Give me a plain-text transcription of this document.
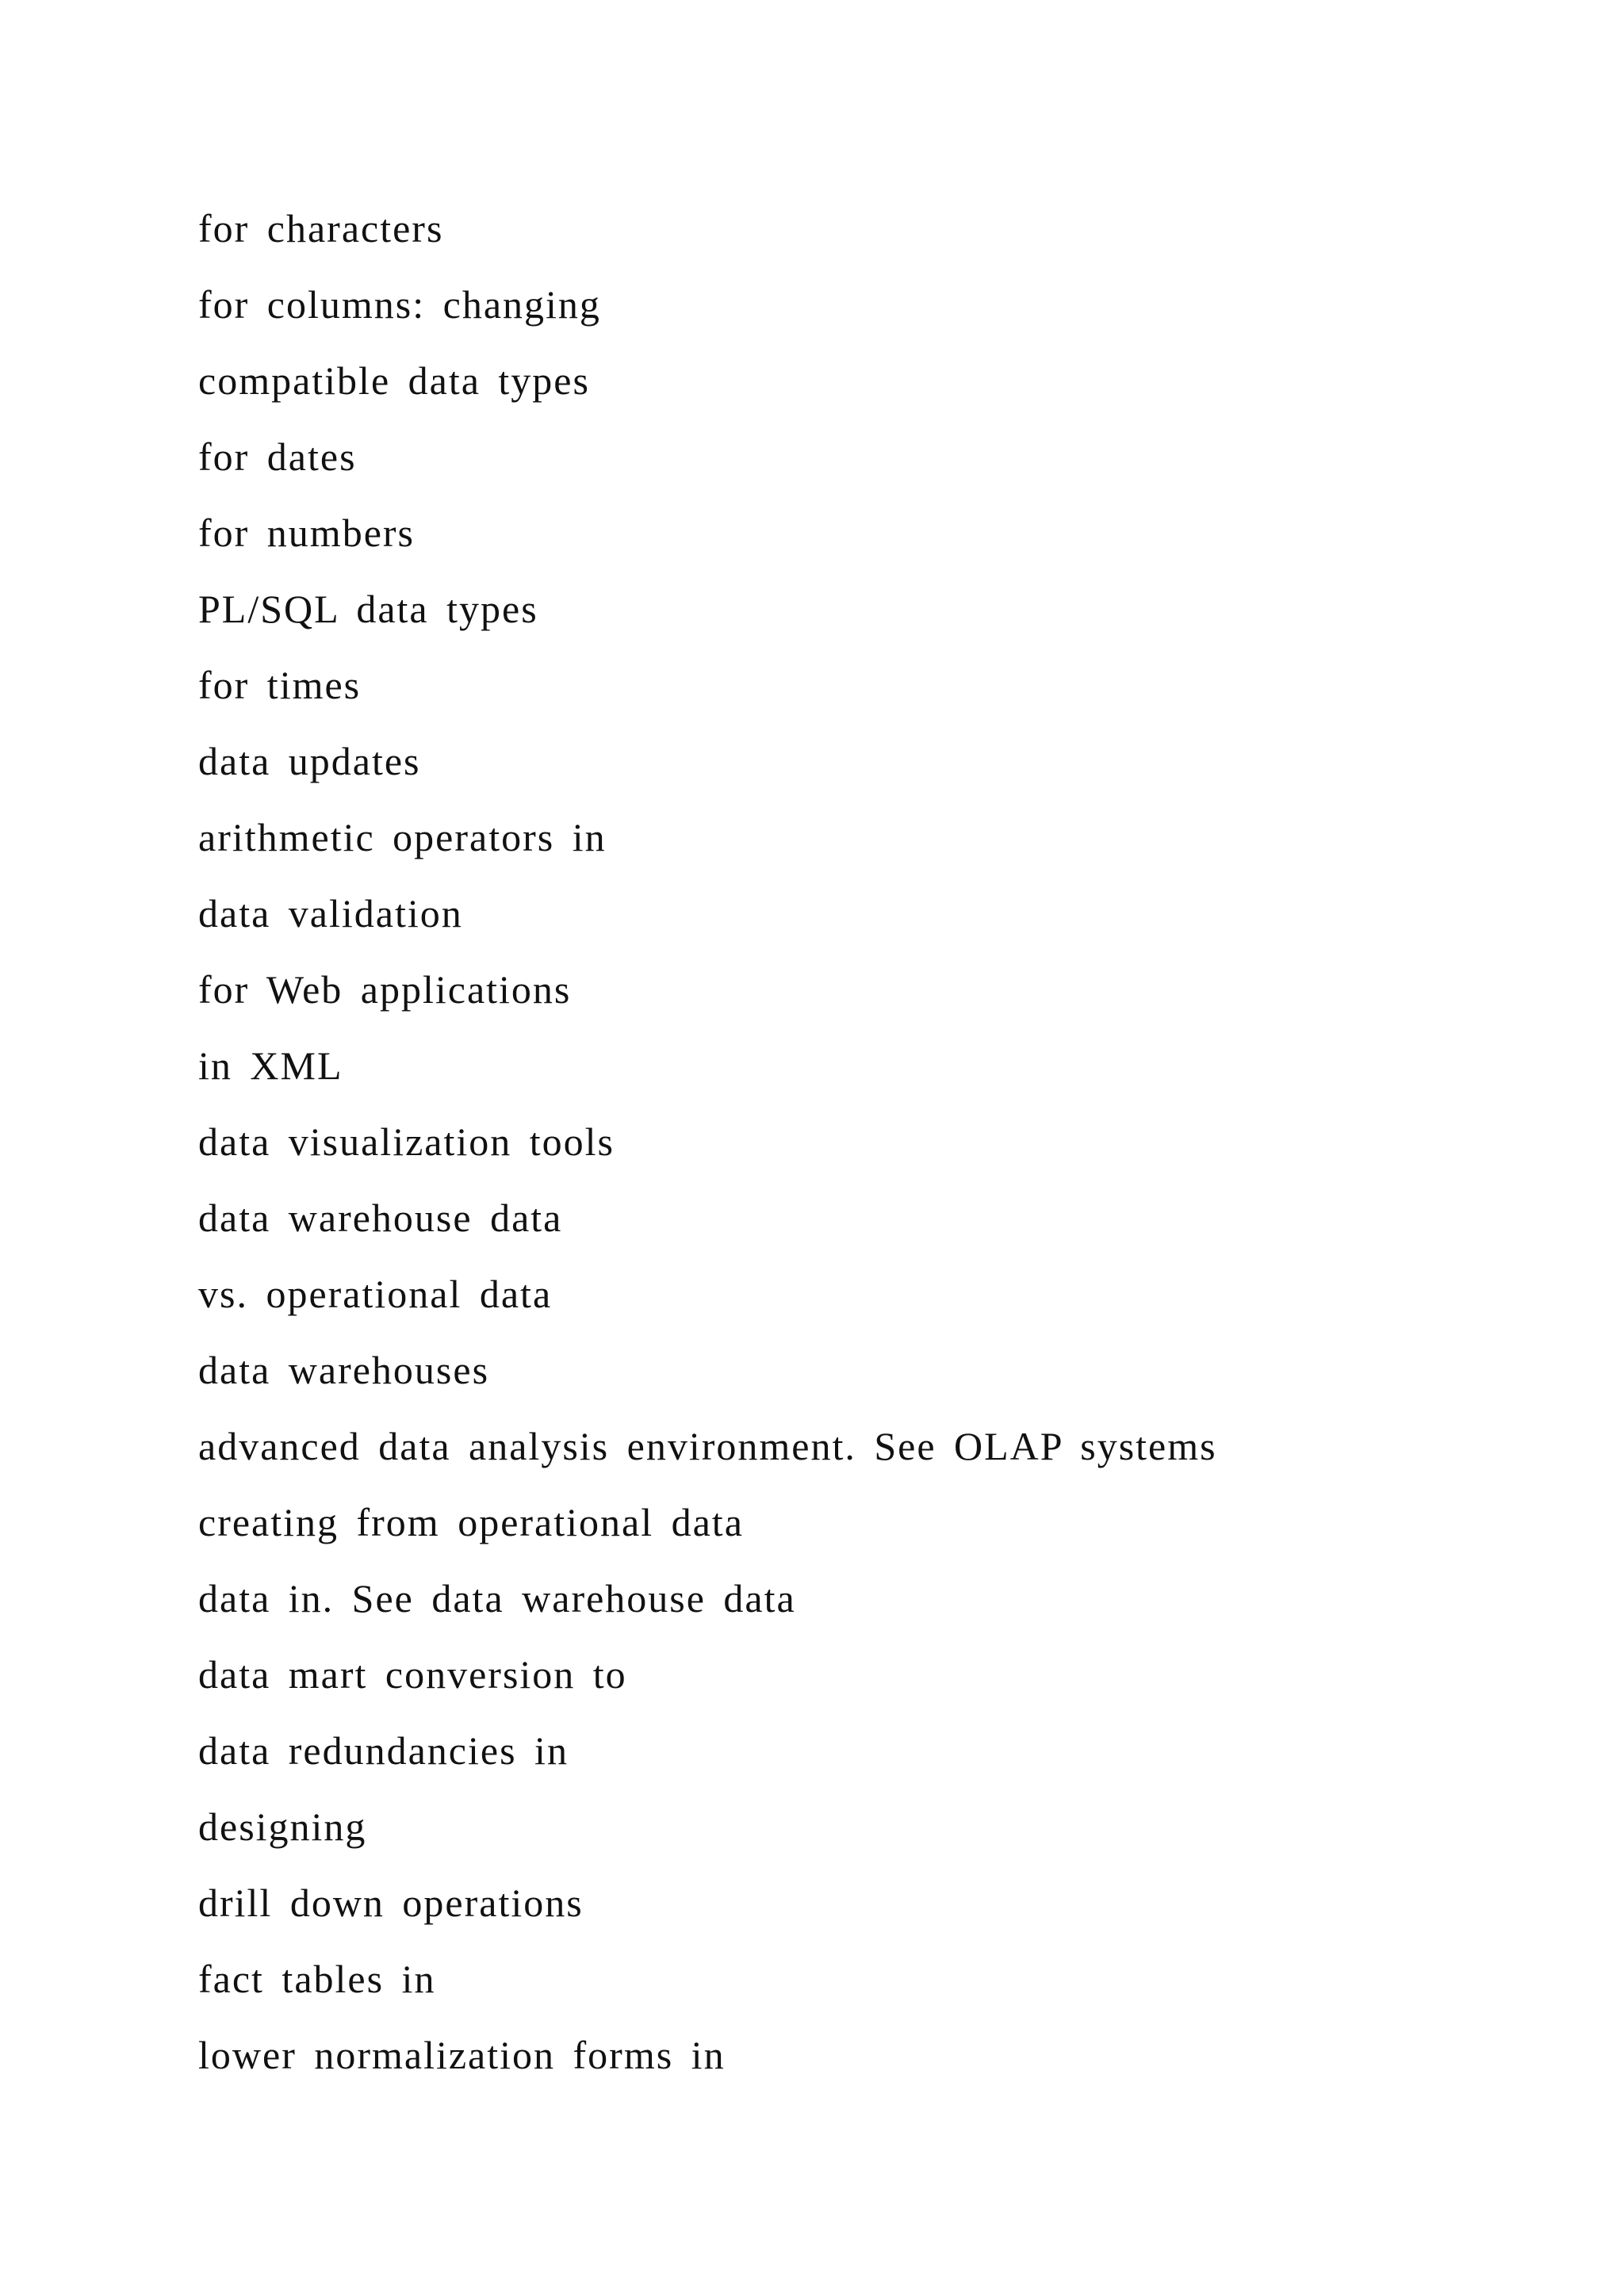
for characters
for columns: changing
compatible data types
for dates
for numbers
PL/SQL data types
for times
data updates
arithmetic operators in
data validation
for Web applications
in XML
data visualization tools
data warehouse data
vs. operational data
data warehouses
advanced data analysis environment. See OLAP systems
creating from operational data
data in. See data warehouse data
data mart conversion to
data redundancies in
designing
drill down operations
fact tables in
lower normalization forms in
